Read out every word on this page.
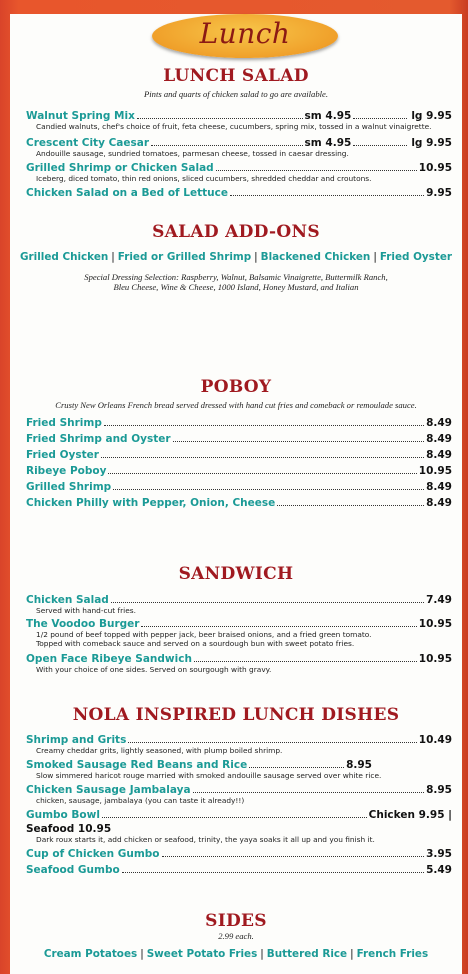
Lunch
LUNCH SALAD
Pints and quarts of chicken salad to go are available.
Walnut Spring Mix	sm 4.95	lg 9.95
Candied walnuts, chef's choice of fruit, feta cheese, cucumbers, spring mix, tossed in a walnut vinaigrette.
Crescent City Caesar	sm 4.95	lg 9.95
Andouille sausage, sundried tomatoes, parmesan cheese, tossed in caesar dressing.
Grilled Shrimp or Chicken Salad	10.95
Iceberg, diced tomato, thin red onions, sliced cucumbers, shredded cheddar and croutons.
Chicken Salad on a Bed of Lettuce	9.95
SALAD ADD-ONS
Grilled Chicken | Fried or Grilled Shrimp | Blackened Chicken | Fried Oyster
Special Dressing Selection: Raspberry, Walnut, Balsamic Vinaigrette, Buttermilk Ranch,
Bleu Cheese, Wine & Cheese, 1000 Island, Honey Mustard, and Italian
POBOY
Crusty New Orleans French bread served dressed with hand cut fries and comeback or remoulade sauce.
Fried Shrimp	8.49
Fried Shrimp and Oyster	8.49
Fried Oyster	8.49
Ribeye Poboy	10.95
Grilled Shrimp	8.49
Chicken Philly with Pepper, Onion, Cheese	8.49
SANDWICH
Chicken Salad	7.49
Served with hand-cut fries.
The Voodoo Burger	10.95
1/2 pound of beef topped with pepper jack, beer braised onions, and a fried green tomato.
Topped with comeback sauce and served on a sourdough bun with sweet potato fries.
Open Face Ribeye Sandwich	10.95
With your choice of one sides. Served on sourgough with gravy.
NOLA INSPIRED LUNCH DISHES
Shrimp and Grits	10.49
Creamy cheddar grits, lightly seasoned, with plump boiled shrimp.
Smoked Sausage Red Beans and Rice	8.95
Slow simmered haricot rouge married with smoked andouille sausage served over white rice.
Chicken Sausage Jambalaya	8.95
chicken, sausage, jambalaya (you can taste it already!!)
Gumbo Bowl	Chicken 9.95 |
Seafood 10.95
Dark roux starts it, add chicken or seafood, trinity, the yaya soaks it all up and you finish it.
Cup of Chicken Gumbo	3.95
Seafood Gumbo	5.49
SIDES
2.99 each.
Cream Potatoes | Sweet Potato Fries | Buttered Rice | French Fries
